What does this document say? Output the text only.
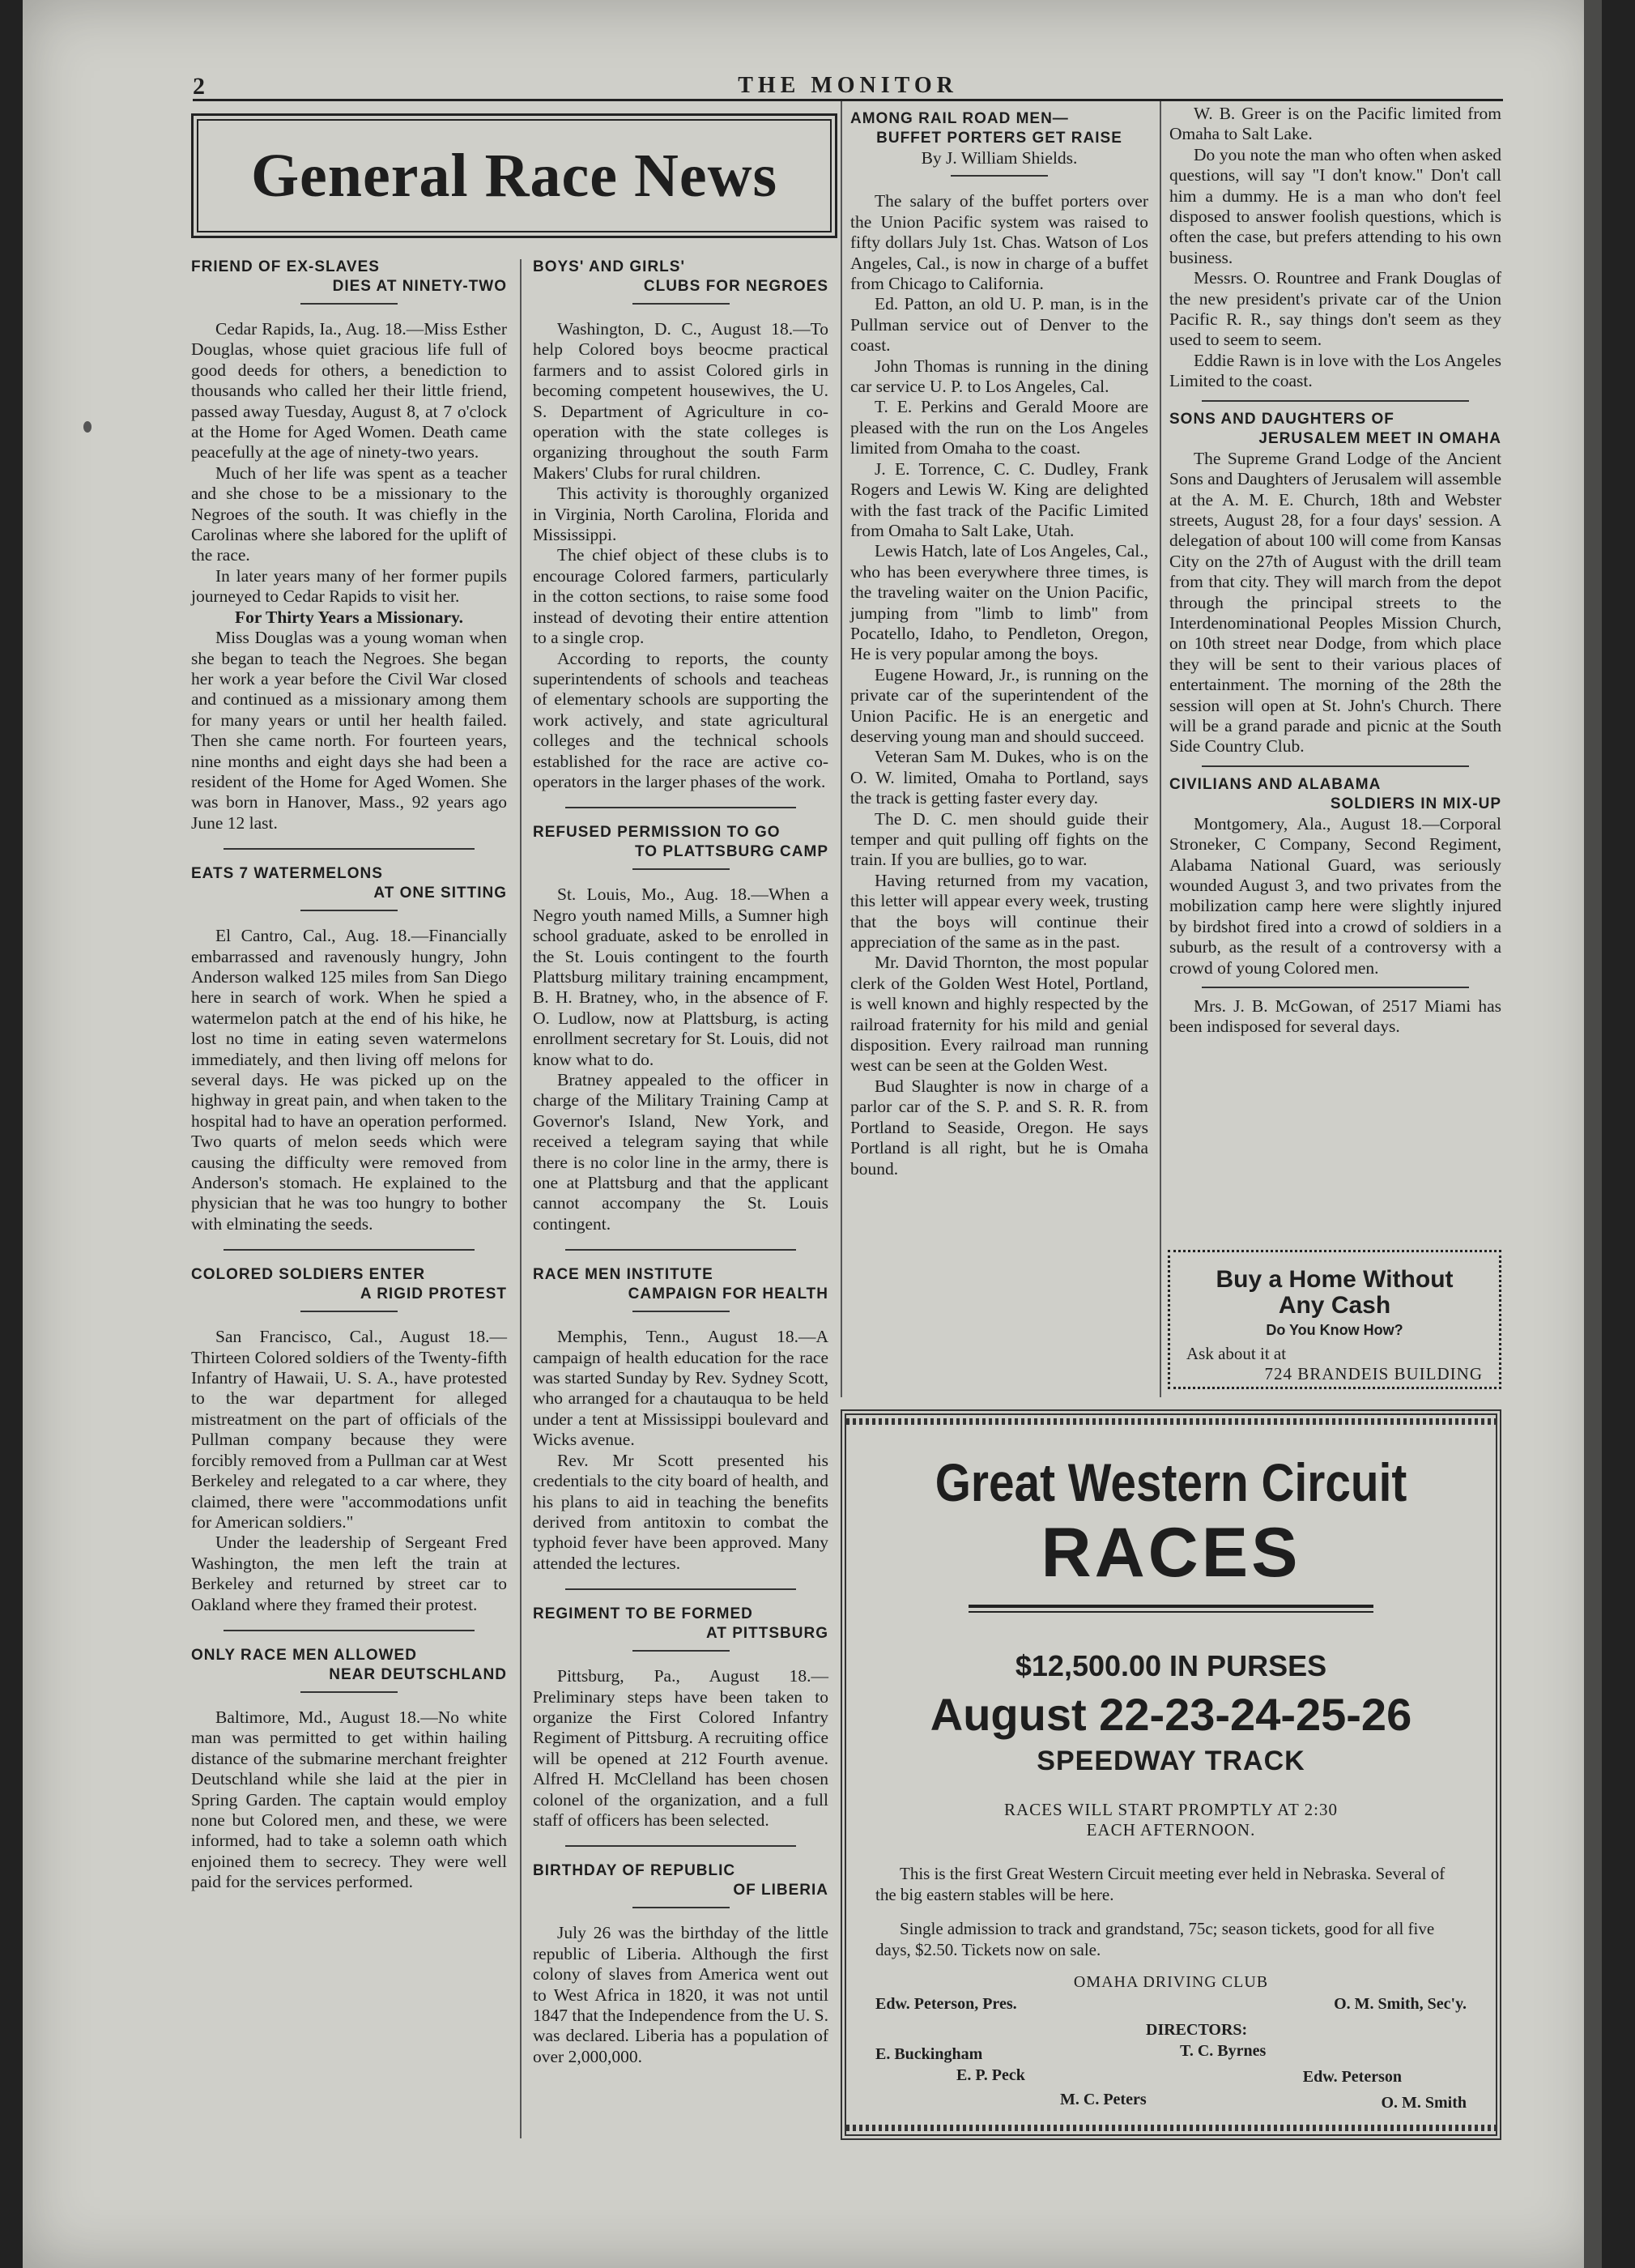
2	THE MONITOR
General Race News
FRIEND OF EX-SLAVES
DIES AT NINETY-TWO

Cedar Rapids, Ia., Aug. 18.—Miss Esther Douglas, whose quiet gracious life full of good deeds for others, a benediction to thousands who called her their little friend, passed away Tuesday, August 8, at 7 o'clock at the Home for Aged Women. Death came peacefully at the age of ninety-two years.

Much of her life was spent as a teacher and she chose to be a missionary to the Negroes of the south. It was chiefly in the Carolinas where she labored for the uplift of the race.

In later years many of her former pupils journeyed to Cedar Rapids to visit her.

For Thirty Years a Missionary.

Miss Douglas was a young woman when she began to teach the Negroes. She began her work a year before the Civil War closed and continued as a missionary among them for many years or until her health failed. Then she came north. For fourteen years, nine months and eight days she had been a resident of the Home for Aged Women. She was born in Hanover, Mass., 92 years ago June 12 last.

EATS 7 WATERMELONS
AT ONE SITTING

El Cantro, Cal., Aug. 18.—Financially embarrassed and ravenously hungry, John Anderson walked 125 miles from San Diego here in search of work. When he spied a watermelon patch at the end of his hike, he lost no time in eating seven watermelons immediately, and then living off melons for several days. He was picked up on the highway in great pain, and when taken to the hospital had to have an operation performed. Two quarts of melon seeds which were causing the difficulty were removed from Anderson's stomach. He explained to the physician that he was too hungry to bother with elminating the seeds.

COLORED SOLDIERS ENTER
A RIGID PROTEST

San Francisco, Cal., August 18.—Thirteen Colored soldiers of the Twenty-fifth Infantry of Hawaii, U. S. A., have protested to the war department for alleged mistreatment on the part of officials of the Pullman company because they were forcibly removed from a Pullman car at West Berkeley and relegated to a car where, they claimed, there were "accommodations unfit for American soldiers."

Under the leadership of Sergeant Fred Washington, the men left the train at Berkeley and returned by street car to Oakland where they framed their protest.

ONLY RACE MEN ALLOWED
NEAR DEUTSCHLAND

Baltimore, Md., August 18.—No white man was permitted to get within hailing distance of the submarine merchant freighter Deutschland while she laid at the pier in Spring Garden. The captain would employ none but Colored men, and these, we were informed, had to take a solemn oath which enjoined them to secrecy. They were well paid for the services performed.

BOYS' AND GIRLS'
CLUBS FOR NEGROES

Washington, D. C., August 18.—To help Colored boys beocme practical farmers and to assist Colored girls in becoming competent housewives, the U. S. Department of Agriculture in co-operation with the state colleges is organizing throughout the south Farm Makers' Clubs for rural children.

This activity is thoroughly organized in Virginia, North Carolina, Florida and Mississippi.

The chief object of these clubs is to encourage Colored farmers, particularly in the cotton sections, to raise some food instead of devoting their entire attention to a single crop.

According to reports, the county superintendents of schools and teacheas of elementary schools are supporting the work actively, and state agricultural colleges and the technical schools established for the race are active co-operators in the larger phases of the work.

REFUSED PERMISSION TO GO
TO PLATTSBURG CAMP

St. Louis, Mo., Aug. 18.—When a Negro youth named Mills, a Sumner high school graduate, asked to be enrolled in the St. Louis contingent to the fourth Plattsburg military training encampment, B. H. Bratney, who, in the absence of F. O. Ludlow, now at Plattsburg, is acting enrollment secretary for St. Louis, did not know what to do.

Bratney appealed to the officer in charge of the Military Training Camp at Governor's Island, New York, and received a telegram saying that while there is no color line in the army, there is one at Plattsburg and that the applicant cannot accompany the St. Louis contingent.

RACE MEN INSTITUTE
CAMPAIGN FOR HEALTH

Memphis, Tenn., August 18.—A campaign of health education for the race was started Sunday by Rev. Sydney Scott, who arranged for a chautauqua to be held under a tent at Mississippi boulevard and Wicks avenue.

Rev. Mr Scott presented his credentials to the city board of health, and his plans to aid in teaching the benefits derived from antitoxin to combat the typhoid fever have been approved. Many attended the lectures.

REGIMENT TO BE FORMED
AT PITTSBURG

Pittsburg, Pa., August 18.—Preliminary steps have been taken to organize the First Colored Infantry Regiment of Pittsburg. A recruiting office will be opened at 212 Fourth avenue. Alfred H. McClelland has been chosen colonel of the organization, and a full staff of officers has been selected.

BIRTHDAY OF REPUBLIC
OF LIBERIA

July 26 was the birthday of the little republic of Liberia. Although the first colony of slaves from America went out to West Africa in 1820, it was not until 1847 that the Independence from the U. S. was declared. Liberia has a population of over 2,000,000.

AMONG RAIL ROAD MEN—
BUFFET PORTERS GET RAISE

By J. William Shields.

The salary of the buffet porters over the Union Pacific system was raised to fifty dollars July 1st. Chas. Watson of Los Angeles, Cal., is now in charge of a buffet from Chicago to California.

Ed. Patton, an old U. P. man, is in the Pullman service out of Denver to the coast.

John Thomas is running in the dining car service U. P. to Los Angeles, Cal.

T. E. Perkins and Gerald Moore are pleased with the run on the Los Angeles limited from Omaha to the coast.

J. E. Torrence, C. C. Dudley, Frank Rogers and Lewis W. King are delighted with the fast track of the Pacific Limited from Omaha to Salt Lake, Utah.

Lewis Hatch, late of Los Angeles, Cal., who has been everywhere three times, is the traveling waiter on the Union Pacific, jumping from "limb to limb" from Pocatello, Idaho, to Pendleton, Oregon, He is very popular among the boys.

Eugene Howard, Jr., is running on the private car of the superintendent of the Union Pacific. He is an energetic and deserving young man and should succeed.

Veteran Sam M. Dukes, who is on the O. W. limited, Omaha to Portland, says the track is getting faster every day.

The D. C. men should guide their temper and quit pulling off fights on the train. If you are bullies, go to war.

Having returned from my vacation, this letter will appear every week, trusting that the boys will continue their appreciation of the same as in the past.

Mr. David Thornton, the most popular clerk of the Golden West Hotel, Portland, is well known and highly respected by the railroad fraternity for his mild and genial disposition. Every railroad man running west can be seen at the Golden West.

Bud Slaughter is now in charge of a parlor car of the S. P. and S. R. R. from Portland to Seaside, Oregon. He says Portland is all right, but he is Omaha bound.

W. B. Greer is on the Pacific limited from Omaha to Salt Lake.

Do you note the man who often when asked questions, will say "I don't know." Don't call him a dummy. He is a man who don't feel disposed to answer foolish questions, which is often the case, but prefers attending to his own business.

Messrs. O. Rountree and Frank Douglas of the new president's private car of the Union Pacific R. R., say things don't seem as they used to seem to seem.

Eddie Rawn is in love with the Los Angeles Limited to the coast.

SONS AND DAUGHTERS OF
JERUSALEM MEET IN OMAHA

The Supreme Grand Lodge of the Ancient Sons and Daughters of Jerusalem will assemble at the A. M. E. Church, 18th and Webster streets, August 28, for a four days' session. A delegation of about 100 will come from Kansas City on the 27th of August with the drill team from that city. They will march from the depot through the principal streets to the Interdenominational Peoples Mission Church, on 10th street near Dodge, from which place they will be sent to their various places of entertainment. The morning of the 28th the session will open at St. John's Church. There will be a grand parade and picnic at the South Side Country Club.

CIVILIANS AND ALABAMA
SOLDIERS IN MIX-UP

Montgomery, Ala., August 18.—Corporal Stroneker, C Company, Second Regiment, Alabama National Guard, was seriously wounded August 3, and two privates from the mobilization camp here were slightly injured by birdshot fired into a crowd of soldiers in a suburb, as the result of a controversy with a crowd of young Colored men.

Mrs. J. B. McGowan, of 2517 Miami has been indisposed for several days.

Buy a Home Without
Any Cash
Do You Know How?
Ask about it at
724 BRANDEIS BUILDING
Great Western Circuit
RACES
$12,500.00 IN PURSES
August 22-23-24-25-26
SPEEDWAY TRACK
RACES WILL START PROMPTLY AT 2:30
EACH AFTERNOON.

This is the first Great Western Circuit meeting ever held in Nebraska. Several of the big eastern stables will be here.

Single admission to track and grandstand, 75c; season tickets, good for all five days, $2.50. Tickets now on sale.

OMAHA DRIVING CLUB
Edw. Peterson, Pres.	O. M. Smith, Sec'y.
DIRECTORS:
E. Buckingham	T. C. Byrnes
E. P. Peck	Edw. Peterson
M. C. Peters	O. M. Smith
